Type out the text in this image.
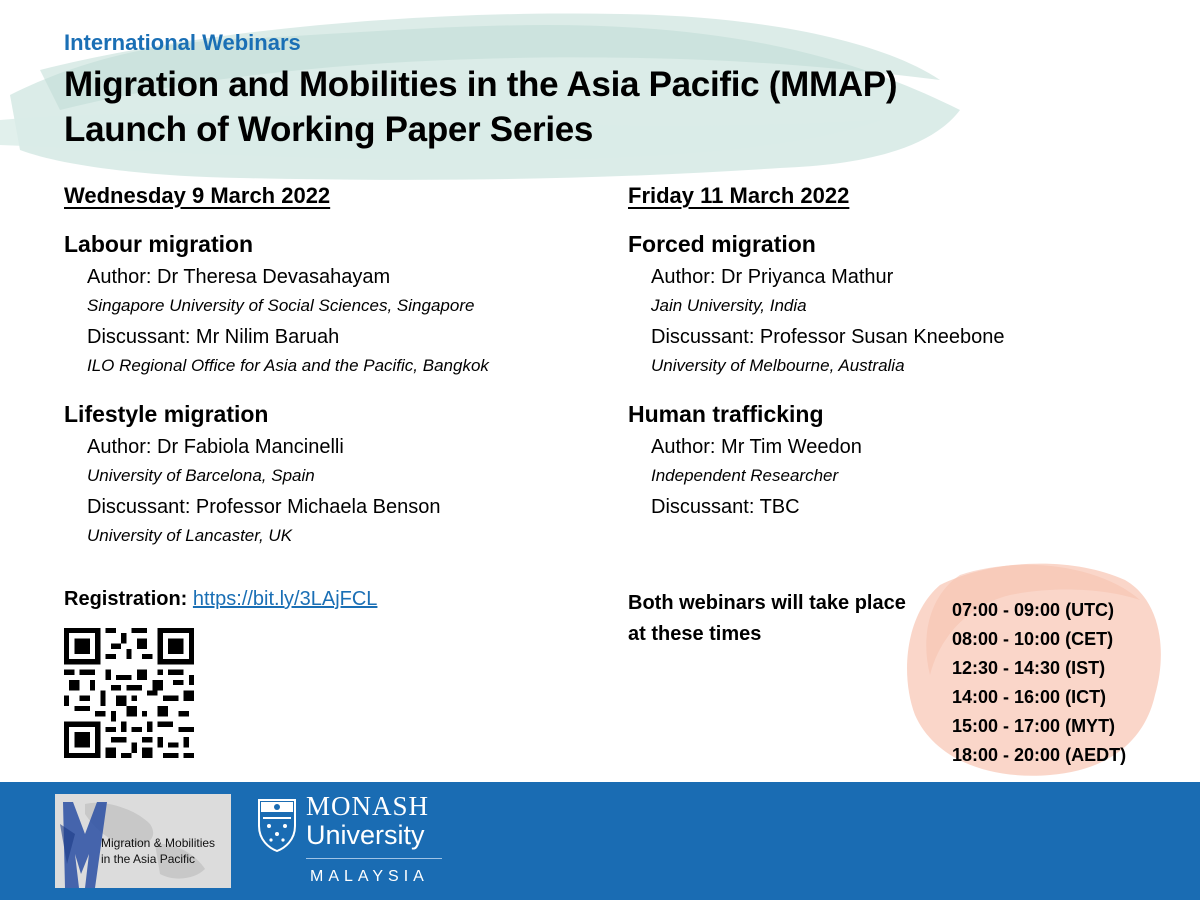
International Webinars
Migration and Mobilities in the Asia Pacific (MMAP)
Launch of Working Paper Series
Wednesday 9 March 2022
Labour migration
Author: Dr Theresa Devasahayam
Singapore University of Social Sciences, Singapore
Discussant: Mr Nilim Baruah
ILO Regional Office for Asia and the Pacific, Bangkok
Lifestyle migration
Author: Dr Fabiola Mancinelli
University of Barcelona, Spain
Discussant: Professor Michaela Benson
University of Lancaster, UK
Friday 11 March 2022
Forced migration
Author: Dr Priyanca Mathur
Jain University, India
Discussant: Professor Susan Kneebone
University of Melbourne, Australia
Human trafficking
Author: Mr Tim Weedon
Independent Researcher
Discussant: TBC
Registration: https://bit.ly/3LAjFCL	Both webinars will take place at these times
07:00 - 09:00 (UTC)
08:00 - 10:00 (CET)
12:30 - 14:30 (IST)
14:00 - 16:00 (ICT)
15:00 - 17:00 (MYT)
18:00 - 20:00 (AEDT)
Migration & Mobilities
in the Asia Pacific
MONASH
University
MALAYSIA
